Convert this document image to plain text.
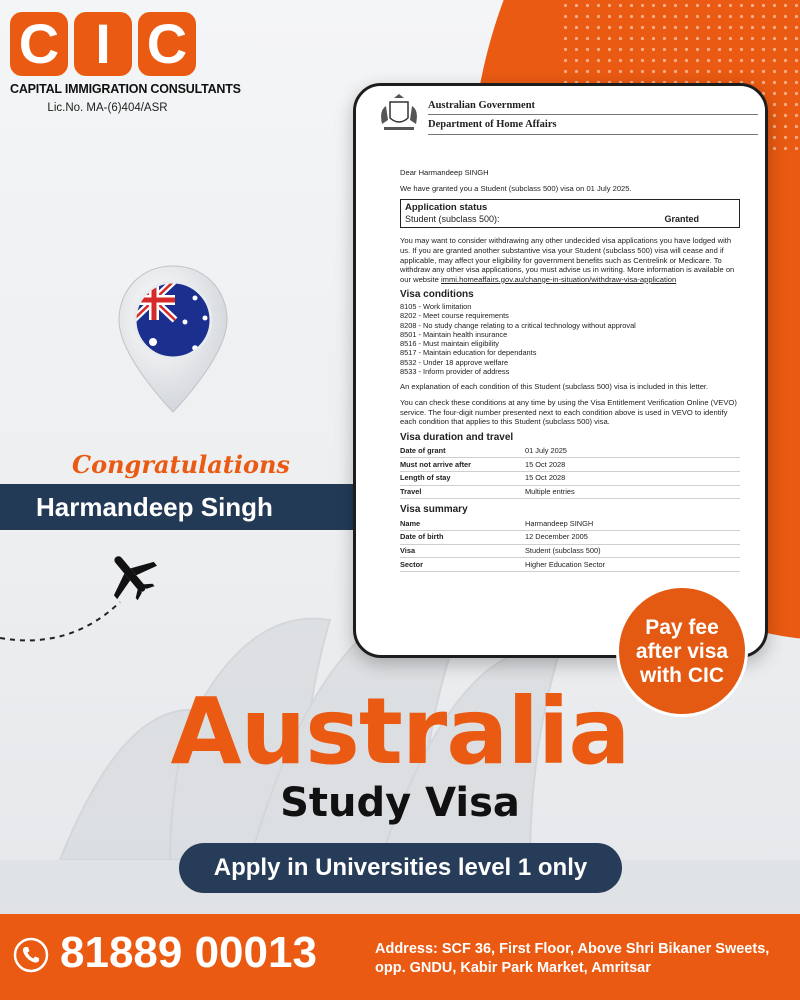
C I C
CAPITAL IMMIGRATION CONSULTANTS
Lic.No. MA-(6)404/ASR
Congratulations
Harmandeep Singh
Australian Government
Department of Home Affairs

Dear Harmandeep SINGH

We have granted you a Student (subclass 500) visa on 01 July 2025.

Application status
Student (subclass 500):	Granted

You may want to consider withdrawing any other undecided visa applications you have lodged with us. If you are granted another substantive visa your Student (subclass 500) visa will cease and if applicable, may affect your eligibility for government benefits such as Centrelink or Medicare. To withdraw any other visa applications, you must advise us in writing. More information is available on our website immi.homeaffairs.gov.au/change-in-situation/withdraw-visa-application

Visa conditions
8105 - Work limitation
8202 - Meet course requirements
8208 - No study change relating to a critical technology without approval
8501 - Maintain health insurance
8516 - Must maintain eligibility
8517 - Maintain education for dependants
8532 - Under 18 approve welfare
8533 - Inform provider of address

An explanation of each condition of this Student (subclass 500) visa is included in this letter.

You can check these conditions at any time by using the Visa Entitlement Verification Online (VEVO) service. The four-digit number presented next to each condition above is used in VEVO to identify each condition that applies to this Student (subclass 500) visa.

Visa duration and travel
Date of grant	01 July 2025
Must not arrive after	15 Oct 2028
Length of stay	15 Oct 2028
Travel	Multiple entries
Visa summary
Name	Harmandeep SINGH
Date of birth	12 December 2005
Visa	Student (subclass 500)
Sector	Higher Education Sector
Pay fee
after visa
with CIC
Australia
Study Visa
Apply in Universities level 1 only
81889 00013	Address: SCF 36, First Floor, Above Shri Bikaner Sweets, opp. GNDU, Kabir Park Market, Amritsar
